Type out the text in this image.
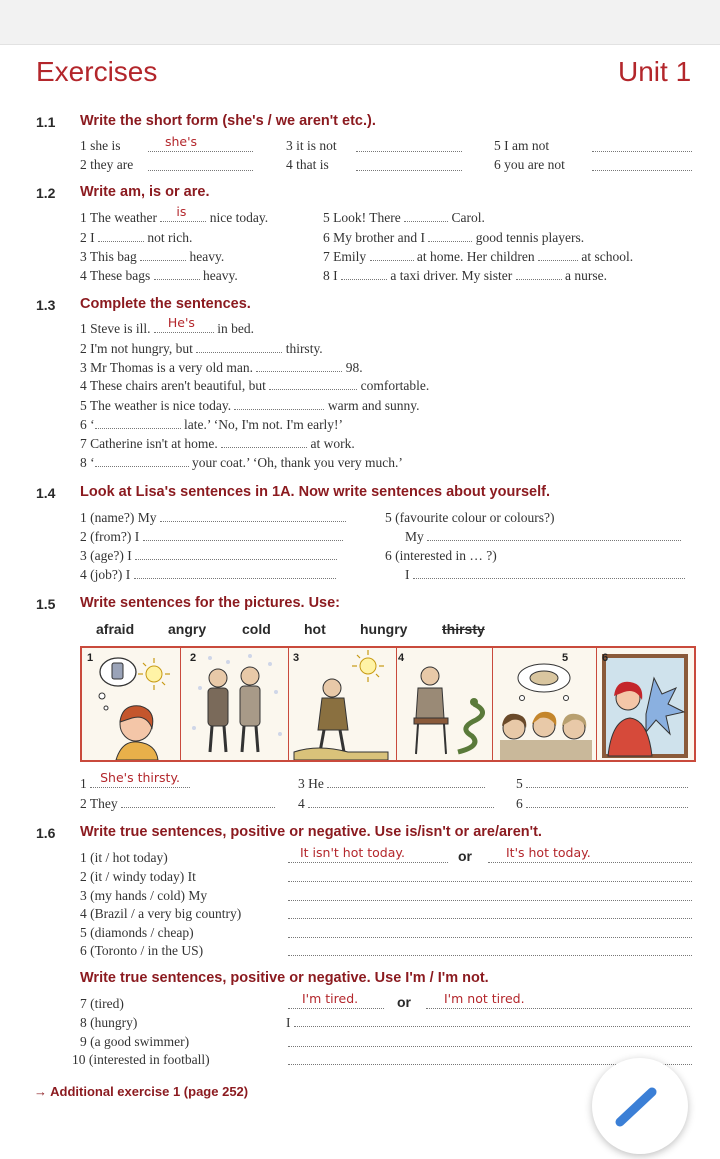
Exercises	Unit 1
1.1 Write the short form (she's / we aren't etc.).
1 she is	she's	3 it is not	5 I am not
2 they are	4 that is	6 you are not
1.2 Write am, is or are.
1 The weather is nice today.	5 Look! There	Carol.
2 I	not rich.	6 My brother and I	good tennis players.
3 This bag	heavy.	7 Emily	at home. Her children	at school.
4 These bags	heavy.	8 I	a taxi driver. My sister	a nurse.
1.3 Complete the sentences.
1 Steve is ill. He's in bed.
2 I'm not hungry, but	thirsty.
3 Mr Thomas is a very old man.	98.
4 These chairs aren't beautiful, but	comfortable.
5 The weather is nice today.	warm and sunny.
6 ‘	late.’ ‘No, I'm not. I'm early!’
7 Catherine isn't at home.	at work.
8 ‘	your coat.’ ‘Oh, thank you very much.’
1.4 Look at Lisa's sentences in 1A. Now write sentences about yourself.
1 (name?) My
2 (from?) I
3 (age?) I
4 (job?) I
5 (favourite colour or colours?)
My
6 (interested in … ?)
I
1.5 Write sentences for the pictures. Use:
afraid angry	cold hot hungry thirsty
1	2	3	4	5	6
1 She's thirsty.	3 He	5
2 They	4	6
1.6 Write true sentences, positive or negative. Use is/isn't or are/aren't.
1 (it / hot today)	It isn't hot today.	or	It's hot today.
2 (it / windy today) It
3 (my hands / cold) My
4 (Brazil / a very big country)
5 (diamonds / cheap)
6 (Toronto / in the US)
Write true sentences, positive or negative. Use I'm / I'm not.
7 (tired)	I'm tired.	or	I'm not tired.
8 (hungry)	I
9 (a good swimmer)
10 (interested in football)
→ Additional exercise 1 (page 252)
